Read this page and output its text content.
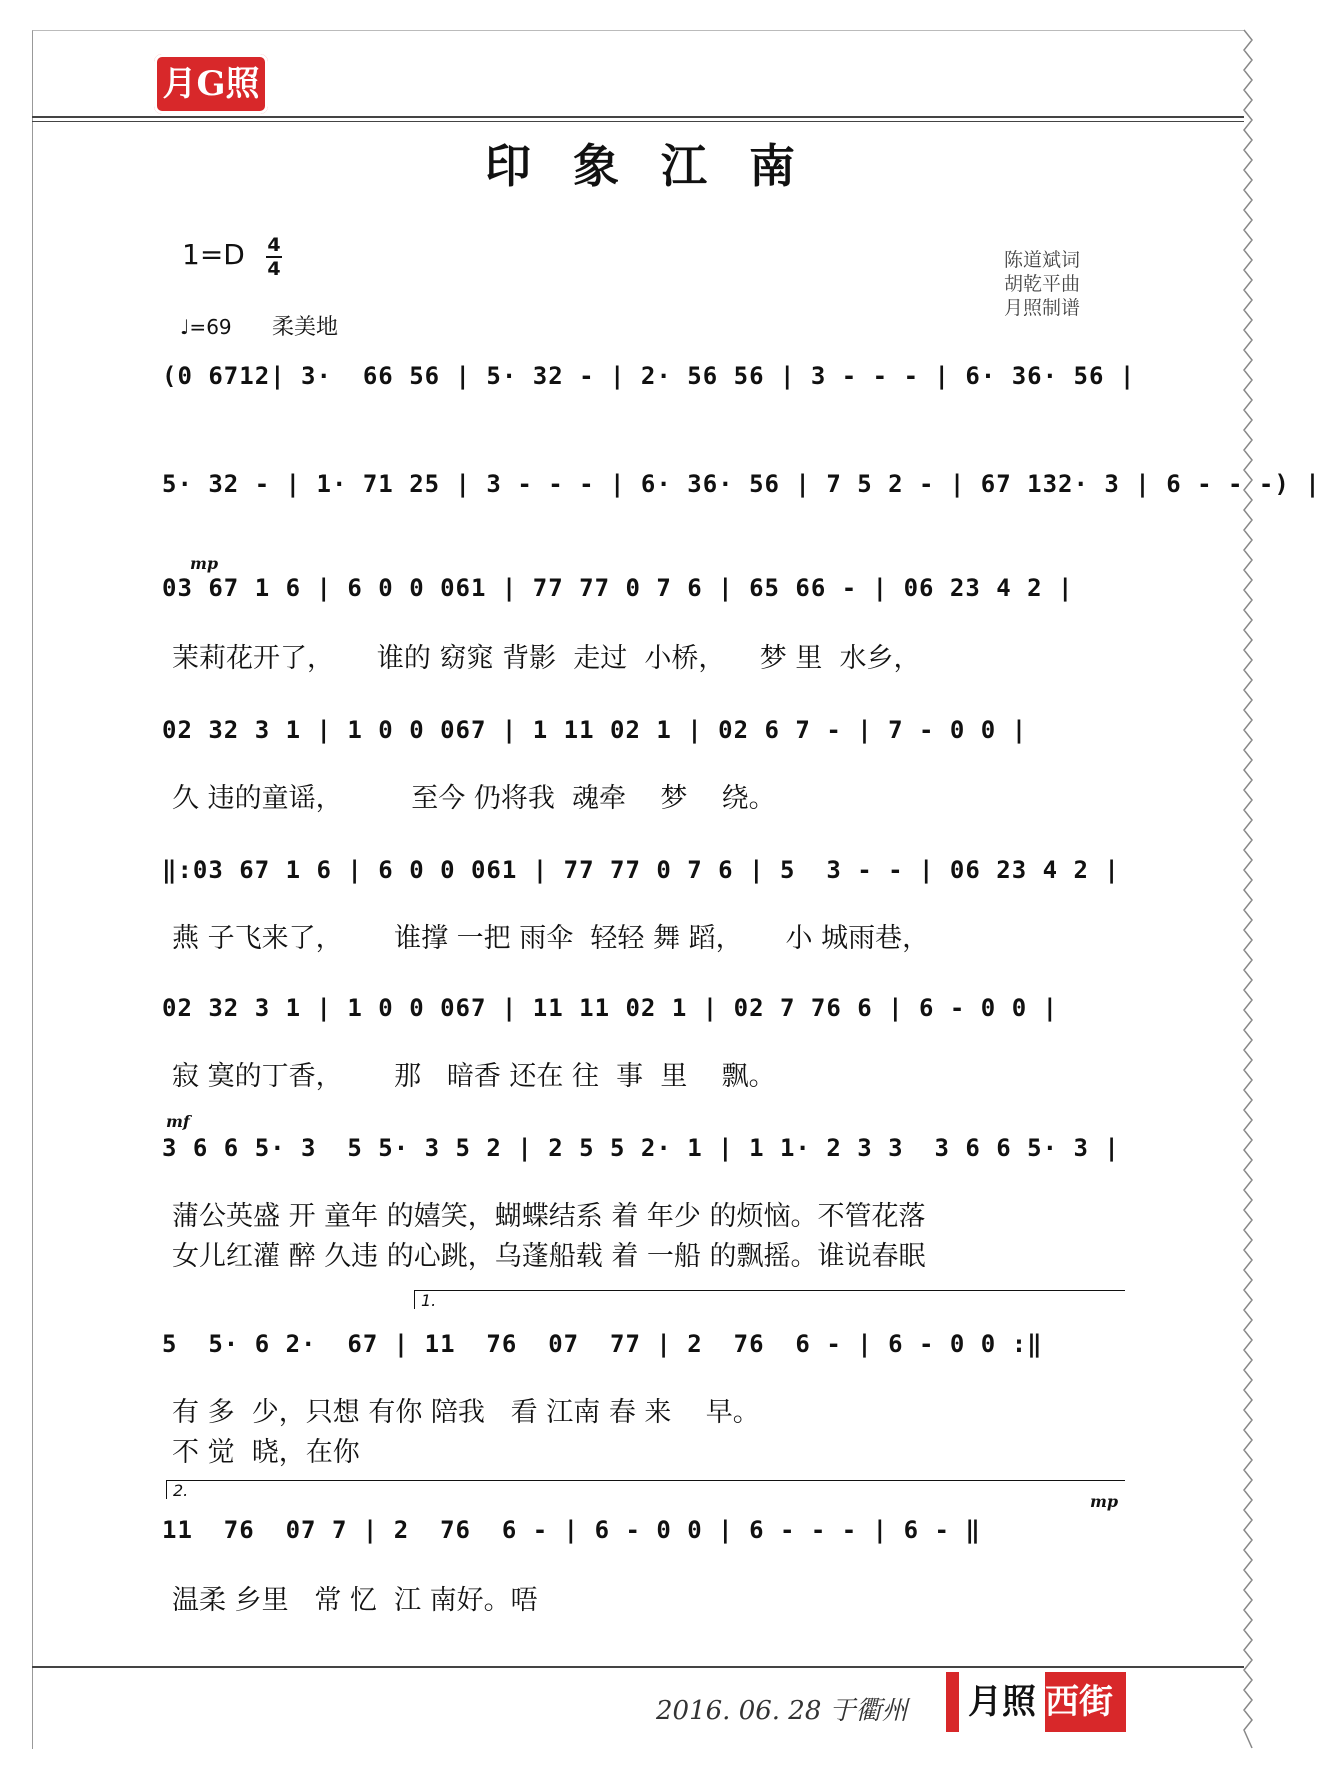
月G照
印象江南
1=D 4
4
♩=69 柔美地
陈道斌词
胡乾平曲
月照制谱
(0 6712| 3·  66 56 | 5· 32 - | 2· 56 56 | 3 - - - | 6· 36· 56 |
5· 32 - | 1· 71 25 | 3 - - - | 6· 36· 56 | 7 5 2 - | 67 132· 3 | 6 - - -) |
mp
03 67 1 6 | 6 0 0 061 | 77 77 0 7 6 | 65 66 - | 06 23 4 2 |
茉莉花开了，     谁的 窈窕 背影  走过  小桥，    梦 里  水乡，
02 32 3 1 | 1 0 0 067 | 1 11 02 1 | 02 6 7 - | 7 - 0 0 |
久 违的童谣，        至今 仍将我  魂牵    梦    绕。
‖:03 67 1 6 | 6 0 0 061 | 77 77 0 7 6 | 5  3 - - | 06 23 4 2 |
燕 子飞来了，      谁撑 一把 雨伞  轻轻 舞 蹈，     小 城雨巷，
02 32 3 1 | 1 0 0 067 | 11 11 02 1 | 02 7 76 6 | 6 - 0 0 |
寂 寞的丁香，      那   暗香 还在 往  事  里    飘。
mf
3 6 6 5· 3  5 5· 3 5 2 | 2 5 5 2· 1 | 1 1· 2 3 3  3 6 6 5· 3 |
蒲公英盛 开 童年 的嬉笑，蝴蝶结系 着 年少 的烦恼。不管花落
女儿红灌 醉 久违 的心跳，乌蓬船载 着 一船 的飘摇。谁说春眠
1.
5  5· 6 2·  67 | 11  76  07  77 | 2  76  6 - | 6 - 0 0 :‖
有 多  少，只想 有你 陪我   看 江南 春 来    早。
不 觉  晓，在你
2.
mp
11  76  07 7 | 2  76  6 - | 6 - 0 0 | 6 - - - | 6 - ‖
温柔 乡里   常 忆  江 南好。唔
2016. 06. 28 于衢州	月照 西街
